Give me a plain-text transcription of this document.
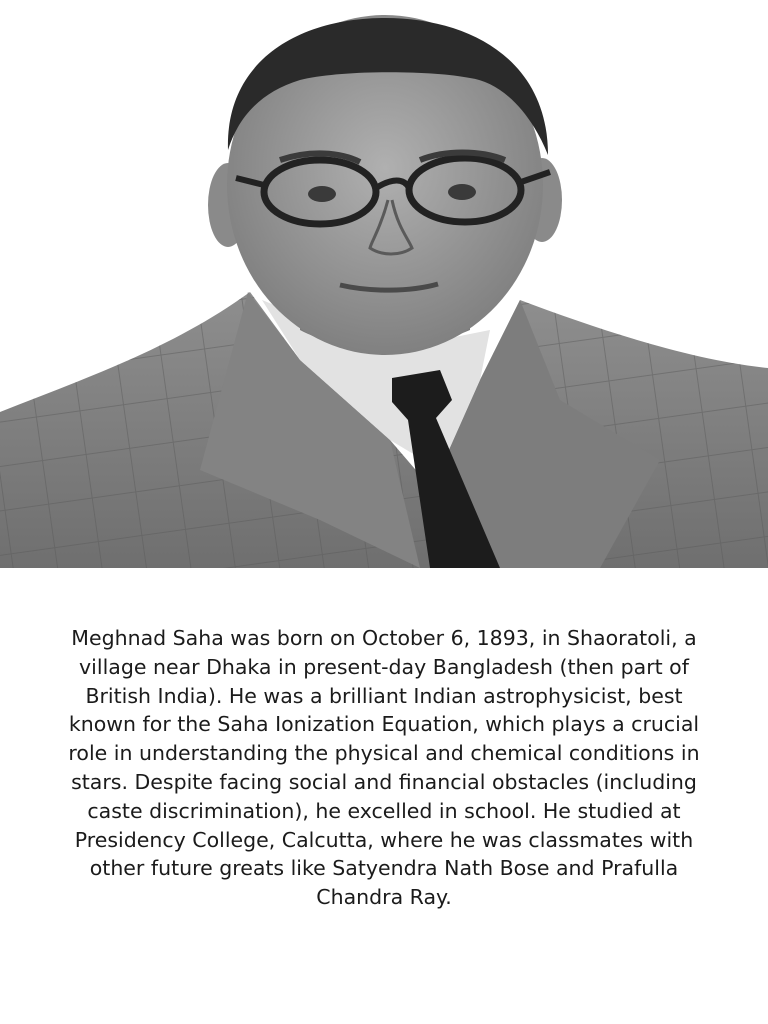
Meghnad Saha was born on October 6, 1893, in Shaoratoli, a village near Dhaka in present-day Bangladesh (then part of British India). He was a brilliant Indian astrophysicist, best known for the Saha Ionization Equation, which plays a crucial role in understanding the physical and chemical conditions in stars. Despite facing social and financial obstacles (including caste discrimination), he excelled in school. He studied at Presidency College, Calcutta, where he was classmates with other future greats like Satyendra Nath Bose and Prafulla Chandra Ray.
